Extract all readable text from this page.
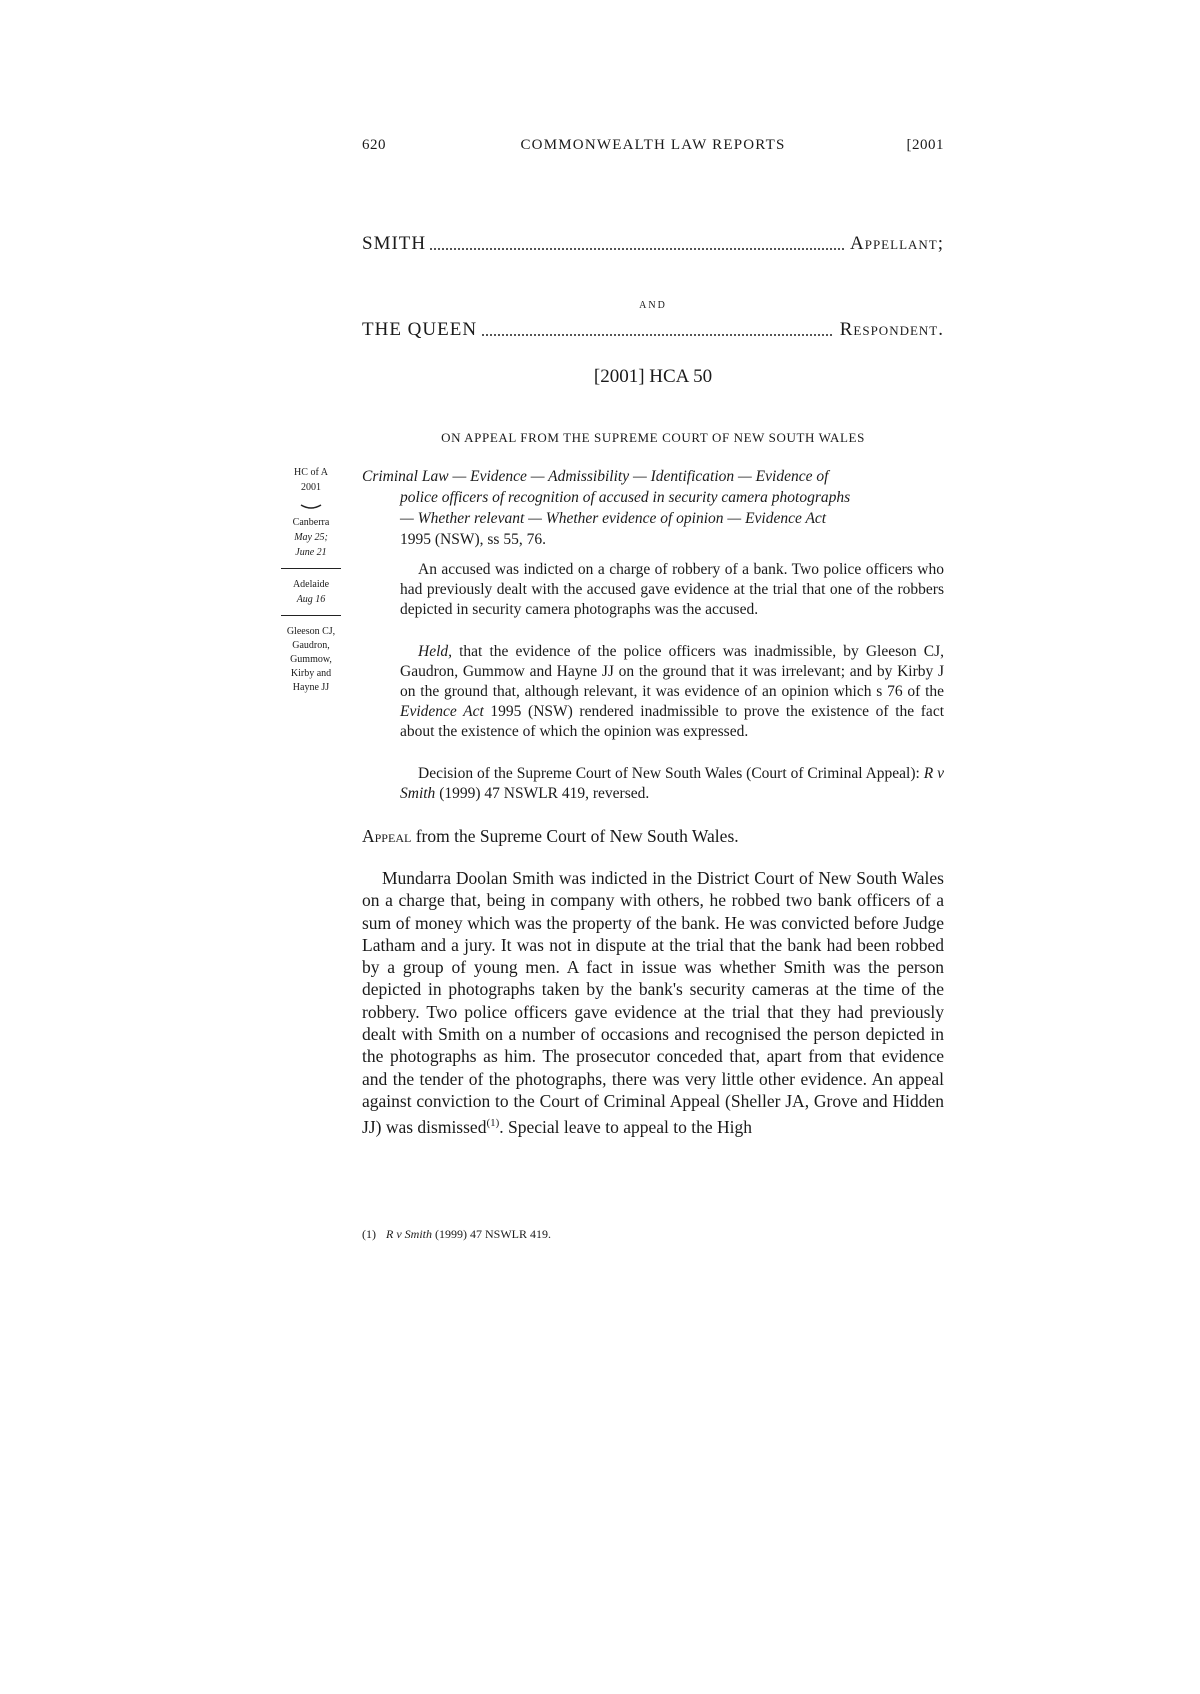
620	COMMONWEALTH LAW REPORTS	[2001
SMITH	Appellant;
AND
THE QUEEN	Respondent.
[2001] HCA 50
ON APPEAL FROM THE SUPREME COURT OF NEW SOUTH WALES
HC of A
2001
Canberra
May 25;
June 21
Adelaide
Aug 16
Gleeson CJ,
Gaudron,
Gummow,
Kirby and
Hayne JJ
Criminal Law — Evidence — Admissibility — Identification — Evidence of
police officers of recognition of accused in security camera photographs
— Whether relevant — Whether evidence of opinion — Evidence Act
1995 (NSW), ss 55, 76.
An accused was indicted on a charge of robbery of a bank. Two police officers who had previously dealt with the accused gave evidence at the trial that one of the robbers depicted in security camera photographs was the accused.
Held, that the evidence of the police officers was inadmissible, by Gleeson CJ, Gaudron, Gummow and Hayne JJ on the ground that it was irrelevant; and by Kirby J on the ground that, although relevant, it was evidence of an opinion which s 76 of the Evidence Act 1995 (NSW) rendered inadmissible to prove the existence of the fact about the existence of which the opinion was expressed.
Decision of the Supreme Court of New South Wales (Court of Criminal Appeal): R v Smith (1999) 47 NSWLR 419, reversed.
Appeal from the Supreme Court of New South Wales.
Mundarra Doolan Smith was indicted in the District Court of New South Wales on a charge that, being in company with others, he robbed two bank officers of a sum of money which was the property of the bank. He was convicted before Judge Latham and a jury. It was not in dispute at the trial that the bank had been robbed by a group of young men. A fact in issue was whether Smith was the person depicted in photographs taken by the bank's security cameras at the time of the robbery. Two police officers gave evidence at the trial that they had previously dealt with Smith on a number of occasions and recognised the person depicted in the photographs as him. The prosecutor conceded that, apart from that evidence and the tender of the photographs, there was very little other evidence. An appeal against conviction to the Court of Criminal Appeal (Sheller JA, Grove and Hidden JJ) was dismissed$^{(1)}$. Special leave to appeal to the High
(1) R v Smith (1999) 47 NSWLR 419.
